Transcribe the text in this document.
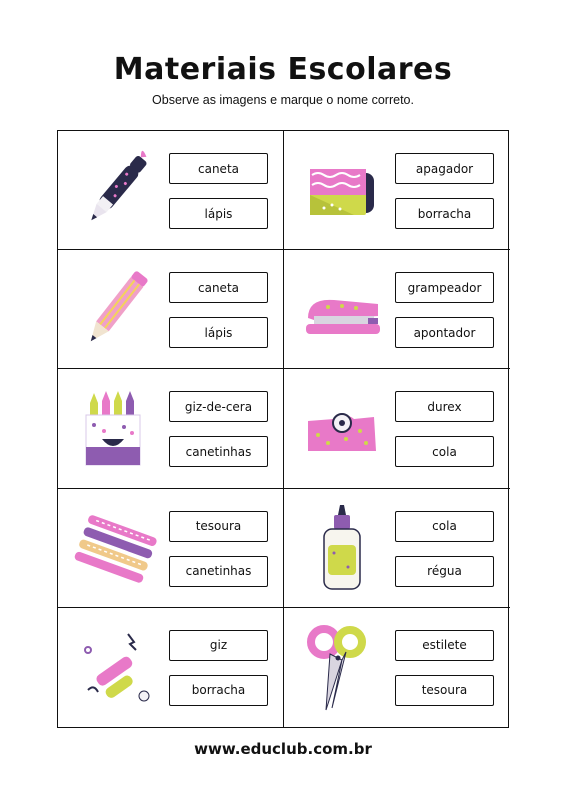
Materiais Escolares
Observe as imagens e marque o nome correto.
caneta
lápis
apagador
borracha
caneta
lápis
grampeador
apontador
giz-de-cera
canetinhas
durex
cola
tesoura
canetinhas
cola
régua
giz
borracha
estilete
tesoura
www.educlub.com.br
